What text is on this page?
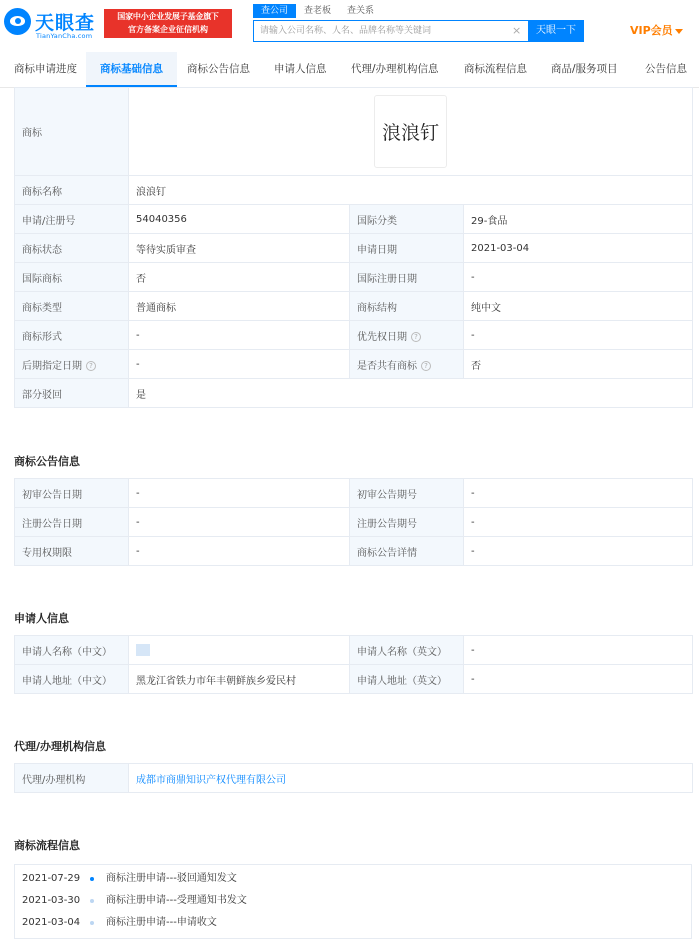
天眼查
TianYanCha.com
国家中小企业发展子基金旗下
官方备案企业征信机构
查公司	查老板	查关系
请输入公司名称、人名、品牌名称等关键词
×	天眼一下	VIP会员
商标申请进度	商标基础信息	商标公告信息 申请人信息 代理/办理机构信息 商标流程信息 商品/服务项目	公告信息
商标	浪浪钉		

商标名称	浪浪钉		
申请/注册号	54040356	国际分类	29-食品
商标状态	等待实质审查	申请日期	2021-03-04
国际商标	否	国际注册日期	-
商标类型	普通商标	商标结构	纯中文
商标形式	-	优先权日期 ?	-
后期指定日期 ?	-	是否共有商标 ?	否
部分驳回	是		
商标公告信息
初审公告日期	-	初审公告期号	-
注册公告日期	-	注册公告期号	-
专用权期限	-	商标公告详情	-
申请人信息
申请人名称（中文）		申请人名称（英文）	-
申请人地址（中文）	黑龙江省铁力市年丰朝鲜族乡爱民村	申请人地址（英文）	-
代理/办理机构信息
代理/办理机构	成都市商鼎知识产权代理有限公司
商标流程信息
2021-07-29	商标注册申请---驳回通知发文
2021-03-30	商标注册申请---受理通知书发文
2021-03-04	商标注册申请---申请收文
